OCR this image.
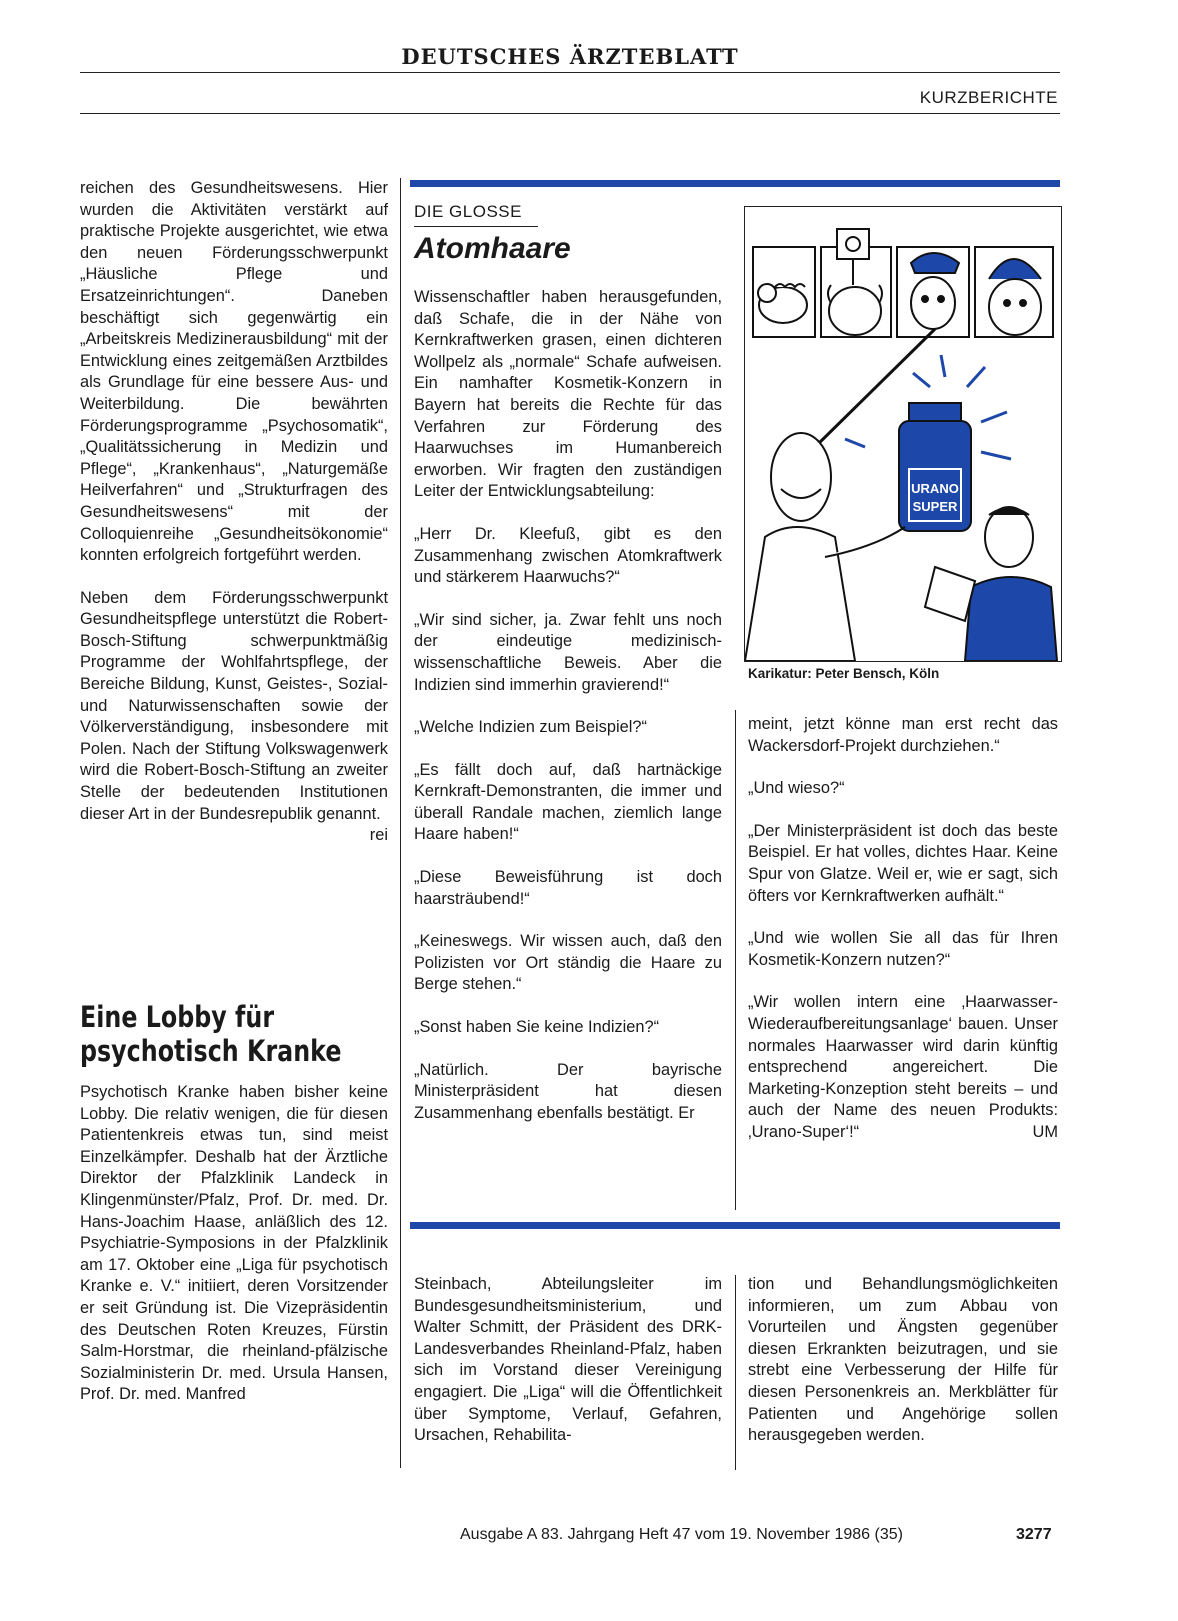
DEUTSCHES ÄRZTEBLATT
KURZBERICHTE

reichen des Gesundheitswesens. Hier wurden die Aktivitäten verstärkt auf praktische Projekte ausgerichtet, wie etwa den neuen Förderungsschwerpunkt „Häusliche Pflege und Ersatzeinrichtungen“. Daneben beschäftigt sich gegenwärtig ein „Arbeitskreis Medizinerausbildung“ mit der Entwicklung eines zeitgemäßen Arztbildes als Grundlage für eine bessere Aus- und Weiterbildung. Die bewährten Förderungsprogramme „Psychosomatik“, „Qualitätssicherung in Medizin und Pflege“, „Krankenhaus“, „Naturgemäße Heilverfahren“ und „Strukturfragen des Gesundheitswesens“ mit der Colloquienreihe „Gesundheitsökonomie“ konnten erfolgreich fortgeführt werden.

Neben dem Förderungsschwerpunkt Gesundheitspflege unterstützt die Robert-Bosch-Stiftung schwerpunktmäßig Programme der Wohlfahrtspflege, der Bereiche Bildung, Kunst, Geistes-, Sozial- und Naturwissenschaften sowie der Völkerverständigung, insbesondere mit Polen. Nach der Stiftung Volkswagenwerk wird die Robert-Bosch-Stiftung an zweiter Stelle der bedeutenden Institutionen dieser Art in der Bundesrepublik genannt.
rei

Eine Lobby für psychotisch Kranke

Psychotisch Kranke haben bisher keine Lobby. Die relativ wenigen, die für diesen Patientenkreis etwas tun, sind meist Einzelkämpfer. Deshalb hat der Ärztliche Direktor der Pfalzklinik Landeck in Klingenmünster/Pfalz, Prof. Dr. med. Dr. Hans-Joachim Haase, anläßlich des 12. Psychiatrie-Symposions in der Pfalzklinik am 17. Oktober eine „Liga für psychotisch Kranke e. V.“ initiiert, deren Vorsitzender er seit Gründung ist. Die Vizepräsidentin des Deutschen Roten Kreuzes, Fürstin Salm-Horstmar, die rheinland-pfälzische Sozialministerin Dr. med. Ursula Hansen, Prof. Dr. med. Manfred

DIE GLOSSE
Atomhaare

Wissenschaftler haben herausgefunden, daß Schafe, die in der Nähe von Kernkraftwerken grasen, einen dichteren Wollpelz als „normale“ Schafe aufweisen. Ein namhafter Kosmetik-Konzern in Bayern hat bereits die Rechte für das Verfahren zur Förderung des Haarwuchses im Humanbereich erworben. Wir fragten den zuständigen Leiter der Entwicklungsabteilung:

„Herr Dr. Kleefuß, gibt es den Zusammenhang zwischen Atomkraftwerk und stärkerem Haarwuchs?“

„Wir sind sicher, ja. Zwar fehlt uns noch der eindeutige medizinisch-wissenschaftliche Beweis. Aber die Indizien sind immerhin gravierend!“

„Welche Indizien zum Beispiel?“

„Es fällt doch auf, daß hartnäckige Kernkraft-Demonstranten, die immer und überall Randale machen, ziemlich lange Haare haben!“

„Diese Beweisführung ist doch haarsträubend!“

„Keineswegs. Wir wissen auch, daß den Polizisten vor Ort ständig die Haare zu Berge stehen.“

„Sonst haben Sie keine Indizien?“

„Natürlich. Der bayrische Ministerpräsident hat diesen Zusammenhang ebenfalls bestätigt. Er

URANO
SUPER
Karikatur: Peter Bensch, Köln

meint, jetzt könne man erst recht das Wackersdorf-Projekt durchziehen.“

„Und wieso?“

„Der Ministerpräsident ist doch das beste Beispiel. Er hat volles, dichtes Haar. Keine Spur von Glatze. Weil er, wie er sagt, sich öfters vor Kernkraftwerken aufhält.“

„Und wie wollen Sie all das für Ihren Kosmetik-Konzern nutzen?“

„Wir wollen intern eine ‚Haarwasser-Wiederaufbereitungsanlage‘ bauen. Unser normales Haarwasser wird darin künftig entsprechend angereichert. Die Marketing-Konzeption steht bereits – und auch der Name des neuen Produkts: ‚Urano-Super‘!“	UM

Steinbach, Abteilungsleiter im Bundesgesundheitsministerium, und Walter Schmitt, der Präsident des DRK-Landesverbandes Rheinland-Pfalz, haben sich im Vorstand dieser Vereinigung engagiert. Die „Liga“ will die Öffentlichkeit über Symptome, Verlauf, Gefahren, Ursachen, Rehabilita-

tion und Behandlungsmöglichkeiten informieren, um zum Abbau von Vorurteilen und Ängsten gegenüber diesen Erkrankten beizutragen, und sie strebt eine Verbesserung der Hilfe für diesen Personenkreis an. Merkblätter für Patienten und Angehörige sollen herausgegeben werden.

Ausgabe A 83. Jahrgang Heft 47 vom 19. November 1986 (35)	3277
